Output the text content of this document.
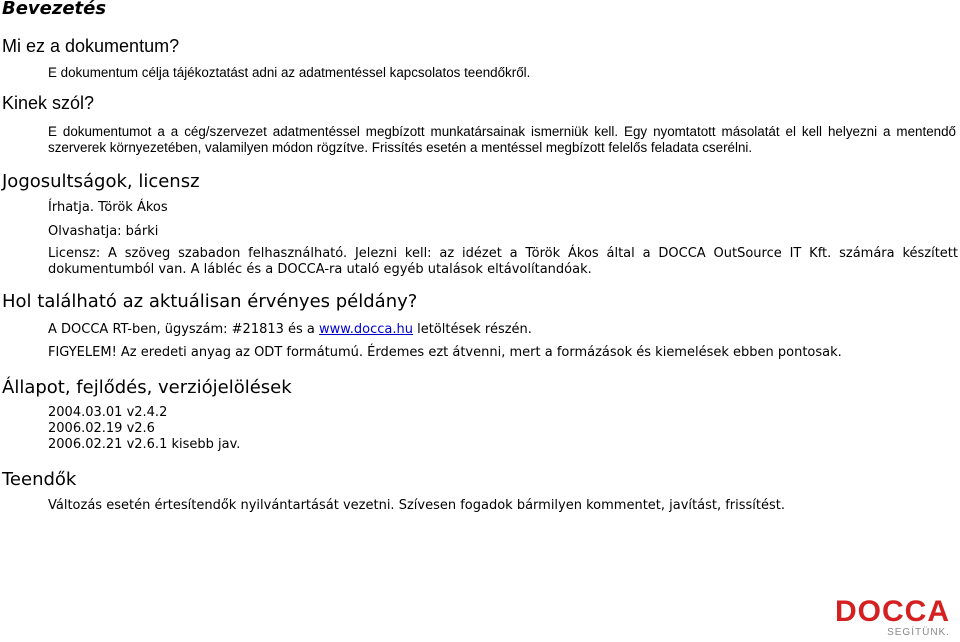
Bevezetés
Mi ez a dokumentum?

E dokumentum célja tájékoztatást adni az adatmentéssel kapcsolatos teendőkről.

Kinek szól?

E dokumentumot a a cég/szervezet adatmentéssel megbízott munkatársainak ismerniük kell. Egy nyomtatott másolatát el kell helyezni a mentendő szerverek környezetében, valamilyen módon rögzítve. Frissítés esetén a mentéssel megbízott felelős feladata cserélni.

Jogosultságok, licensz

Írhatja. Török Ákos

Olvashatja: bárki

Licensz: A szöveg szabadon felhasználható. Jelezni kell: az idézet a Török Ákos által a DOCCA OutSource IT Kft. számára készített dokumentumból van. A lábléc és a DOCCA-ra utaló egyéb utalások eltávolítandóak.

Hol található az aktuálisan érvényes példány?

A DOCCA RT-ben, ügyszám: #21813 és a www.docca.hu letöltések részén.

FIGYELEM! Az eredeti anyag az ODT formátumú. Érdemes ezt átvenni, mert a formázások és kiemelések ebben pontosak.

Állapot, fejlődés, verziójelölések
2004.03.01 v2.4.2
2006.02.19 v2.6
2006.02.21 v2.6.1 kisebb jav.
Teendők

Változás esetén értesítendők nyilvántartását vezetni. Szívesen fogadok bármilyen kommentet, javítást, frissítést.

DOCCA
SEGÍTÜNK.
